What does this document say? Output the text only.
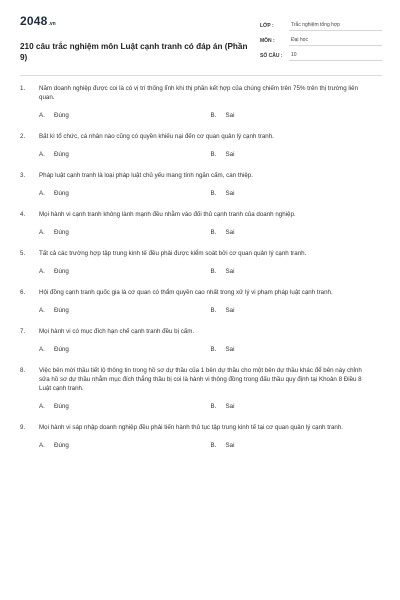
2048 .vn
210 câu trắc nghiệm môn Luật cạnh tranh có đáp án (Phần 9)
LỚP :	Trắc nghiệm tổng hợp
MÔN :	Đại học
SỐ CÂU :	10
1.	Năm doanh nghiệp được coi là có vị trí thống lĩnh khi thị phần kết hợp của chúng chiếm trên 75% trên thị trường liên quan.
A.	Đúng	B.	Sai
2.	Bất kì tổ chức, cá nhân nào cũng có quyền khiếu nại đến cơ quan quản lý cạnh tranh.
A.	Đúng	B.	Sai
3.	Pháp luật cạnh tranh là loại pháp luật chủ yếu mang tính ngăn cấm, can thiệp.
A.	Đúng	B.	Sai
4.	Mọi hành vi cạnh tranh không lành mạnh đều nhằm vào đối thủ cạnh tranh của doanh nghiệp.
A.	Đúng	B.	Sai
5.	Tất cả các trường hợp tập trung kinh tế đều phải được kiểm soát bởi cơ quan quản lý cạnh tranh.
A.	Đúng	B.	Sai
6.	Hội đồng cạnh tranh quốc gia là cơ quan có thẩm quyền cao nhất trong xử lý vi phạm pháp luật cạnh tranh.
A.	Đúng	B.	Sai
7.	Mọi hành vi có mục đích hạn chế cạnh tranh đều bị cấm.
A.	Đúng	B.	Sai
8.	Việc bên mời thầu tiết lộ thông tin trong hồ sơ dự thầu của 1 bên dự thầu cho một bên dự thầu khác để bên này chỉnh sửa hồ sơ dự thầu nhằm mục đích thắng thầu bị coi là hành vi thông đồng trong đấu thầu quy định tại Khoản 8 Điều 8 Luật cạnh tranh.
A.	Đúng	B.	Sai
9.	Mọi hành vi sáp nhập doanh nghiệp đều phải tiến hành thủ tục tập trung kinh tế tại cơ quan quản lý cạnh tranh.
A.	Đúng	B.	Sai
